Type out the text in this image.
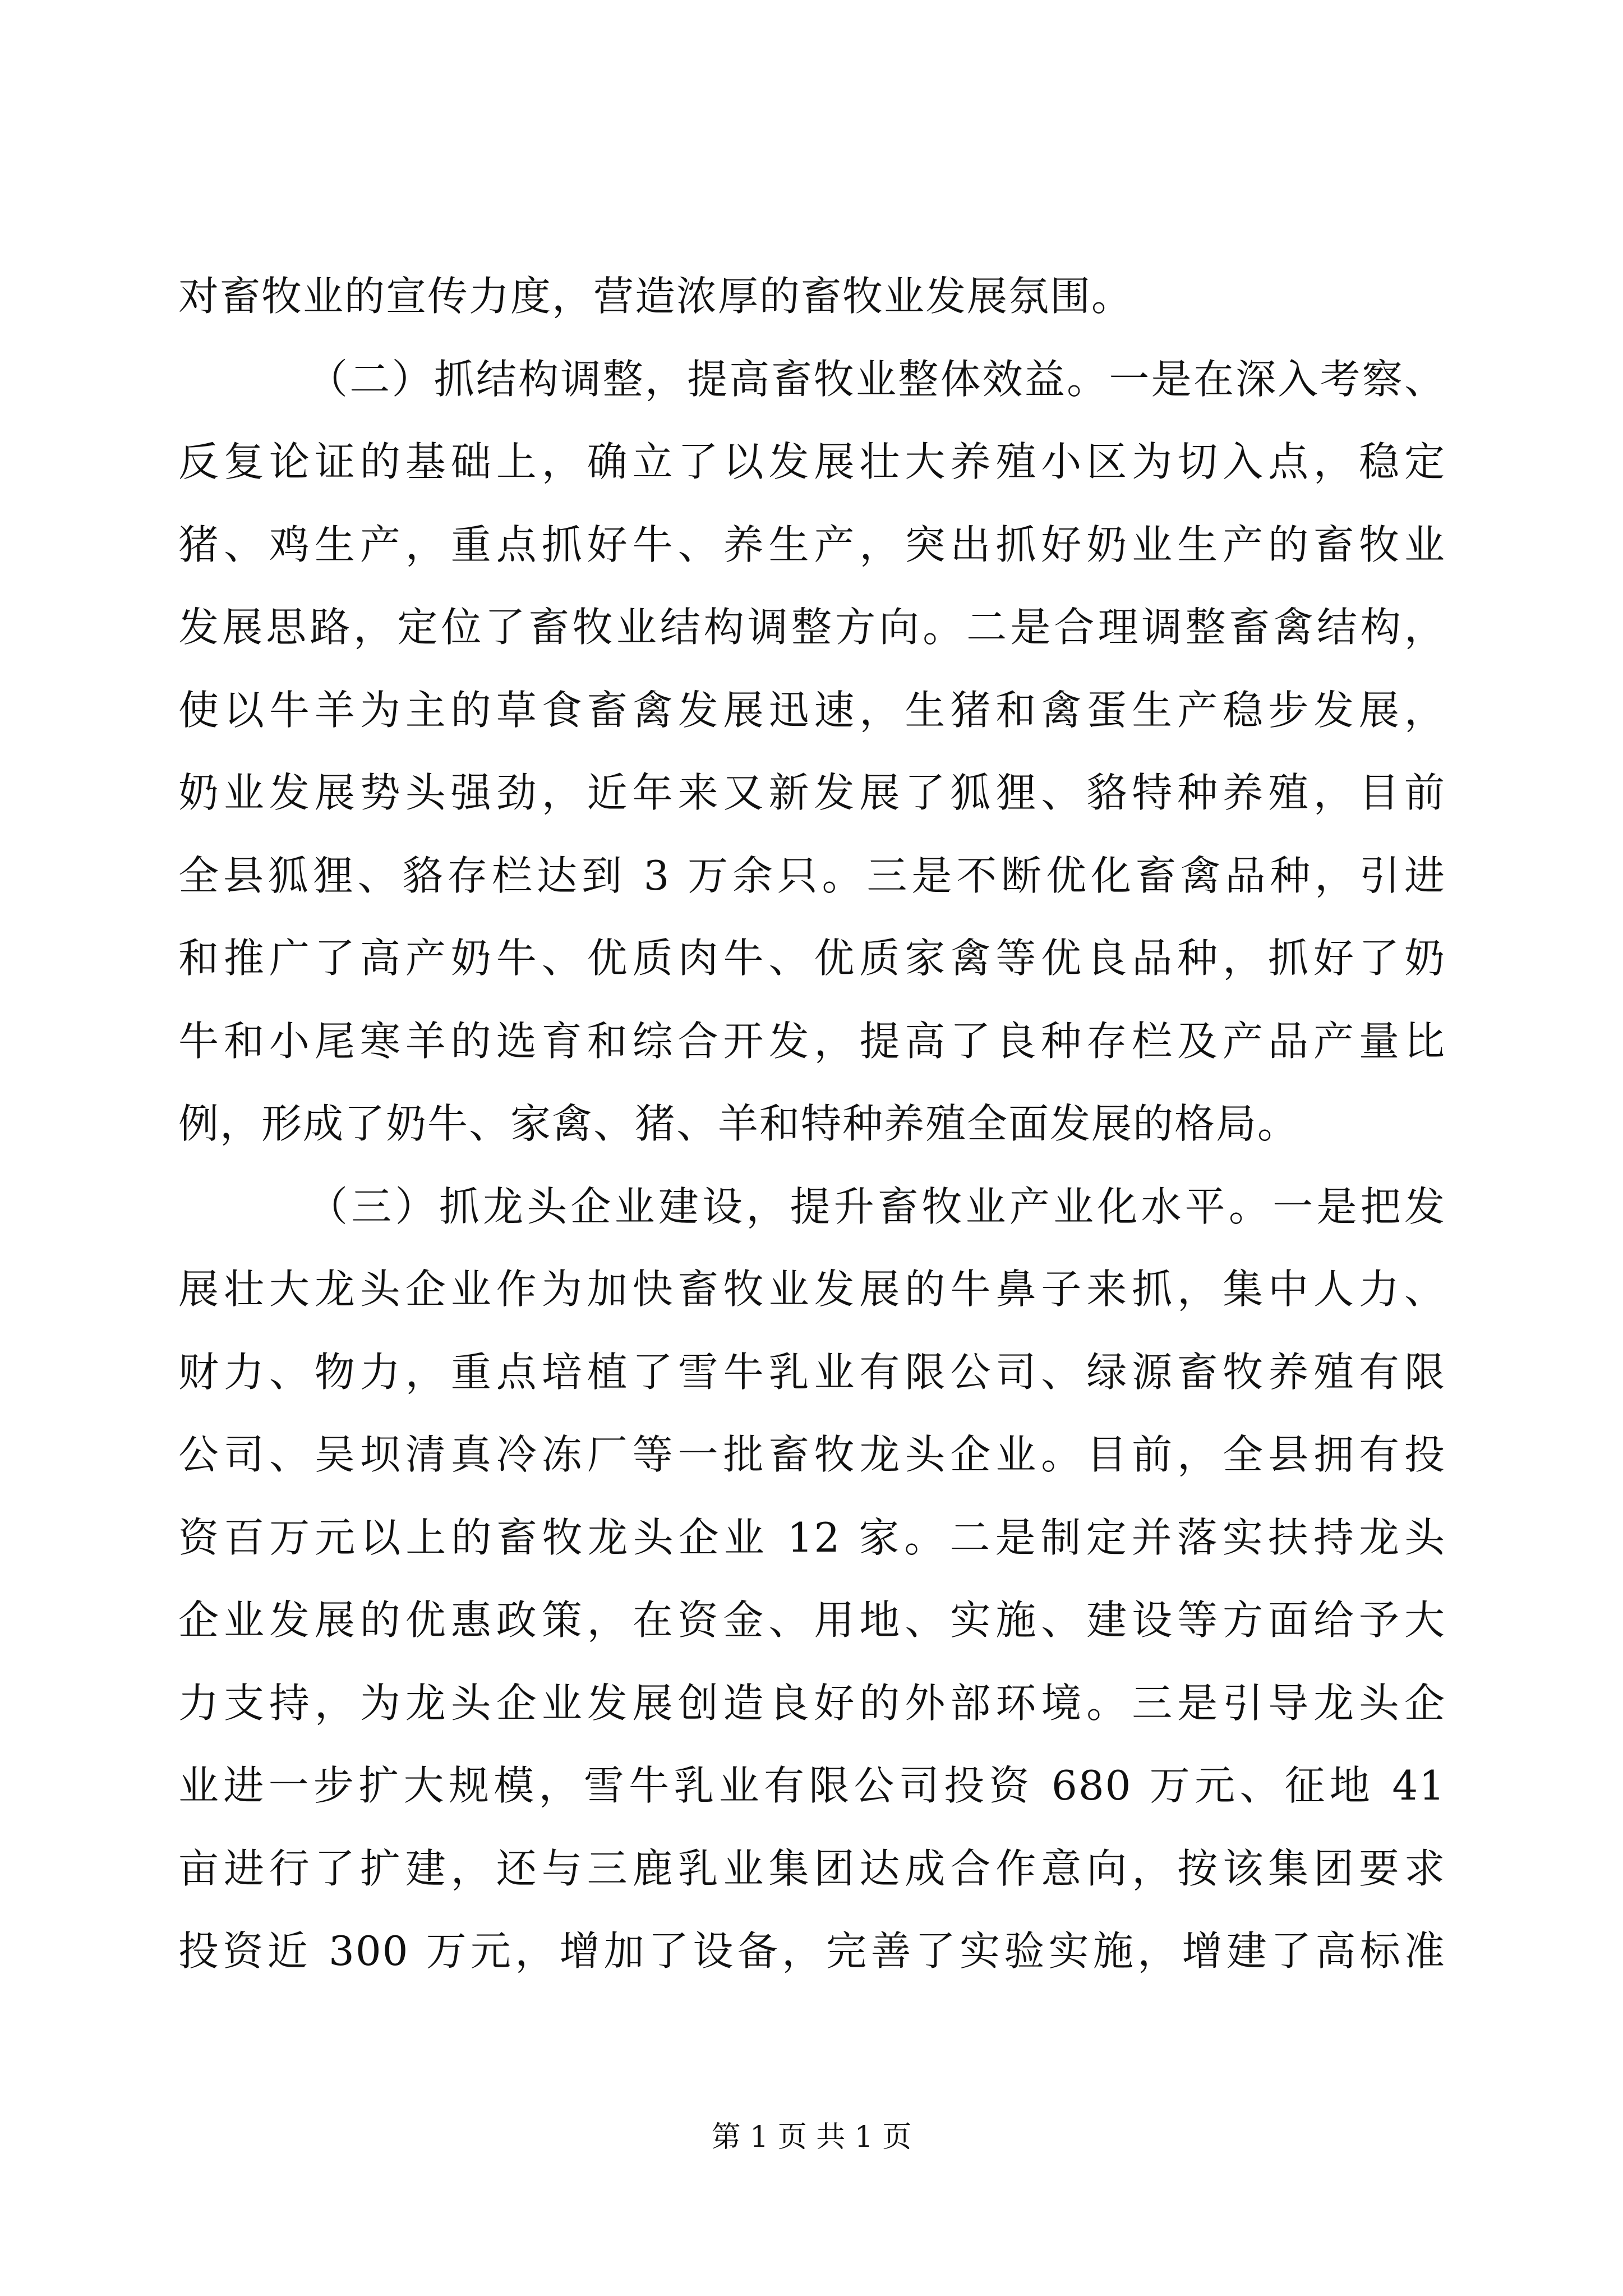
对畜牧业的宣传力度，营造浓厚的畜牧业发展氛围。
（二）抓结构调整，提高畜牧业整体效益。一是在深入考察、
反复论证的基础上，确立了以发展壮大养殖小区为切入点，稳定
猪、鸡生产，重点抓好牛、养生产，突出抓好奶业生产的畜牧业
发展思路，定位了畜牧业结构调整方向。二是合理调整畜禽结构，
使以牛羊为主的草食畜禽发展迅速，生猪和禽蛋生产稳步发展，
奶业发展势头强劲，近年来又新发展了狐狸、貉特种养殖，目前
全县狐狸、貉存栏达到 3 万余只。三是不断优化畜禽品种，引进
和推广了高产奶牛、优质肉牛、优质家禽等优良品种，抓好了奶
牛和小尾寒羊的选育和综合开发，提高了良种存栏及产品产量比
例，形成了奶牛、家禽、猪、羊和特种养殖全面发展的格局。
（三）抓龙头企业建设，提升畜牧业产业化水平。一是把发
展壮大龙头企业作为加快畜牧业发展的牛鼻子来抓，集中人力、
财力、物力，重点培植了雪牛乳业有限公司、绿源畜牧养殖有限
公司、吴坝清真冷冻厂等一批畜牧龙头企业。目前，全县拥有投
资百万元以上的畜牧龙头企业 12 家。二是制定并落实扶持龙头
企业发展的优惠政策，在资金、用地、实施、建设等方面给予大
力支持，为龙头企业发展创造良好的外部环境。三是引导龙头企
业进一步扩大规模，雪牛乳业有限公司投资 680 万元、征地 41
亩进行了扩建，还与三鹿乳业集团达成合作意向，按该集团要求
投资近 300 万元，增加了设备，完善了实验实施，增建了高标准
第 1 页 共 1 页
